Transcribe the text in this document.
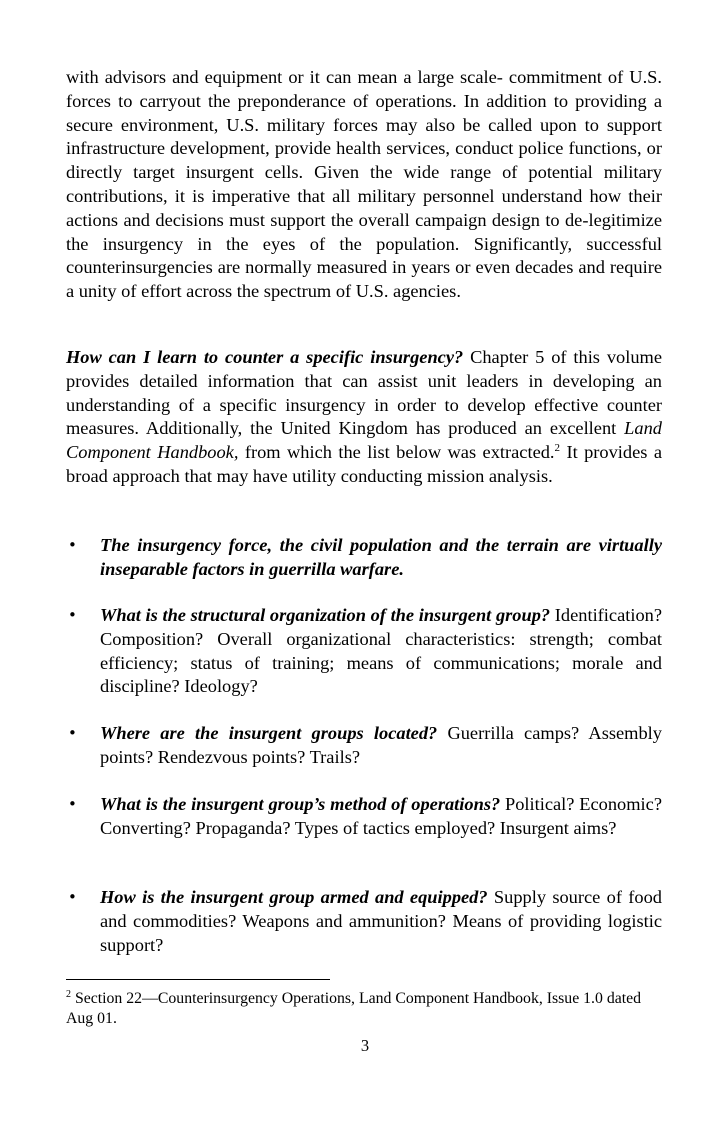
with advisors and equipment or it can mean a large scale- commitment of U.S. forces to carryout the preponderance of operations. In addition to providing a secure environment, U.S. military forces may also be called upon to support infrastructure development, provide health services, conduct police functions, or directly target insurgent cells. Given the wide range of potential military contributions, it is imperative that all military personnel understand how their actions and decisions must support the overall campaign design to de-legitimize the insurgency in the eyes of the population. Significantly, successful counterinsurgencies are normally measured in years or even decades and require a unity of effort across the spectrum of U.S. agencies.

How can I learn to counter a specific insurgency? Chapter 5 of this volume provides detailed information that can assist unit leaders in developing an understanding of a specific insurgency in order to develop effective counter measures. Additionally, the United Kingdom has produced an excellent Land Component Handbook, from which the list below was extracted.$^2$ It provides a broad approach that may have utility conducting mission analysis.

• The insurgency force, the civil population and the terrain are virtually inseparable factors in guerrilla warfare.
• What is the structural organization of the insurgent group? Identification? Composition? Overall organizational characteristics: strength; combat efficiency; status of training; means of communications; morale and discipline? Ideology?
• Where are the insurgent groups located? Guerrilla camps? Assembly points? Rendezvous points? Trails?
• What is the insurgent group’s method of operations? Political? Economic? Converting? Propaganda? Types of tactics employed? Insurgent aims?
• How is the insurgent group armed and equipped? Supply source of food and commodities? Weapons and ammunition? Means of providing logistic support?
$^2$ Section 22—Counterinsurgency Operations, Land Component Handbook, Issue 1.0 dated Aug 01.
3
